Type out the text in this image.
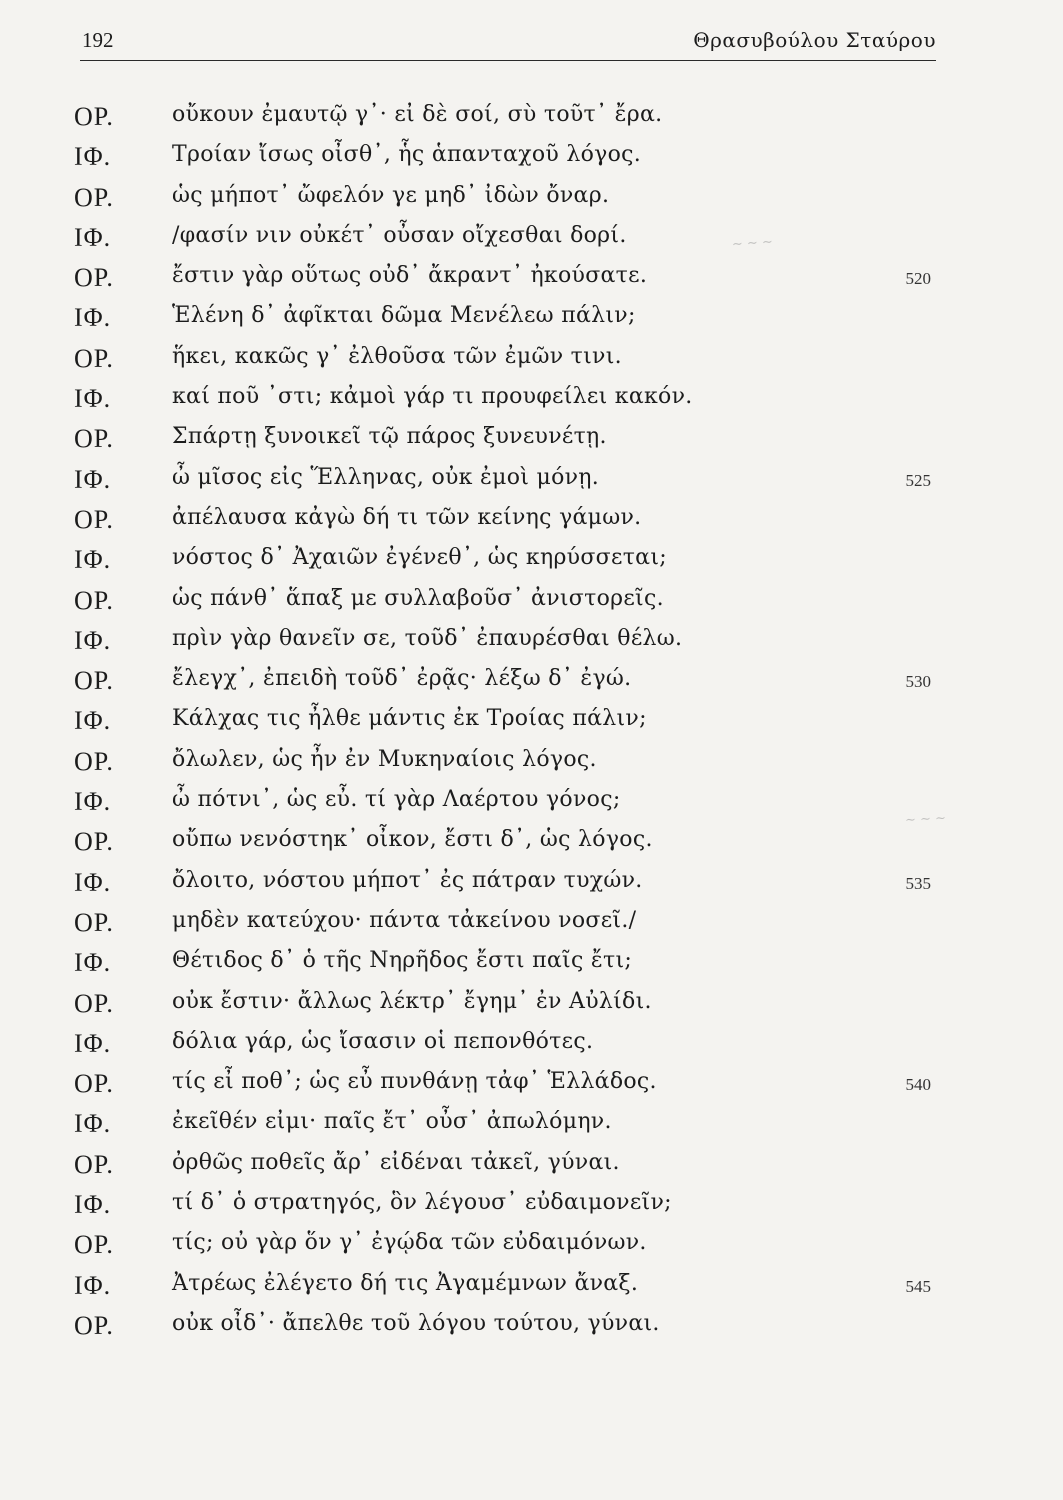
192	Θρασυβούλου Σταύρου
ΟΡ.	οὔκουν ἐμαυτῷ γ᾽· εἰ δὲ σοί, σὺ τοῦτ᾽ ἔρα.
ΙΦ.	Τροίαν ἴσως οἶσθ᾽, ἧς ἁπανταχοῦ λόγος.
ΟΡ.	ὡς μήποτ᾽ ὤφελόν γε μηδ᾽ ἰδὼν ὄναρ.
ΙΦ.	/φασίν νιν οὐκέτ᾽ οὖσαν οἴχεσθαι δορί.
ΟΡ.	ἔστιν γὰρ οὕτως οὐδ᾽ ἄκραντ᾽ ἠκούσατε.	520
ΙΦ.	Ἑλένη δ᾽ ἀφῖκται δῶμα Μενέλεω πάλιν;
ΟΡ.	ἥκει, κακῶς γ᾽ ἐλθοῦσα τῶν ἐμῶν τινι.
ΙΦ.	καί ποῦ ᾽στι; κἀμοὶ γάρ τι προυφείλει κακόν.
ΟΡ.	Σπάρτῃ ξυνοικεῖ τῷ πάρος ξυνευνέτῃ.
ΙΦ.	ὦ μῖσος εἰς Ἕλληνας, οὐκ ἐμοὶ μόνῃ.	525
ΟΡ.	ἀπέλαυσα κἀγὼ δή τι τῶν κείνης γάμων.
ΙΦ.	νόστος δ᾽ Ἀχαιῶν ἐγένεθ᾽, ὡς κηρύσσεται;
ΟΡ.	ὡς πάνθ᾽ ἅπαξ με συλλαβοῦσ᾽ ἀνιστορεῖς.
ΙΦ.	πρὶν γὰρ θανεῖν σε, τοῦδ᾽ ἐπαυρέσθαι θέλω.
ΟΡ.	ἔλεγχ᾽, ἐπειδὴ τοῦδ᾽ ἐρᾷς· λέξω δ᾽ ἐγώ.	530
ΙΦ.	Κάλχας τις ἦλθε μάντις ἐκ Τροίας πάλιν;
ΟΡ.	ὄλωλεν, ὡς ἦν ἐν Μυκηναίοις λόγος.
ΙΦ.	ὦ πότνι᾽, ὡς εὖ. τί γὰρ Λαέρτου γόνος;
ΟΡ.	οὔπω νενόστηκ᾽ οἶκον, ἔστι δ᾽, ὡς λόγος.
ΙΦ.	ὄλοιτο, νόστου μήποτ᾽ ἐς πάτραν τυχών.	535
ΟΡ.	μηδὲν κατεύχου· πάντα τἀκείνου νοσεῖ./
ΙΦ.	Θέτιδος δ᾽ ὁ τῆς Νηρῆδος ἔστι παῖς ἔτι;
ΟΡ.	οὐκ ἔστιν· ἄλλως λέκτρ᾽ ἔγημ᾽ ἐν Αὐλίδι.
ΙΦ.	δόλια γάρ, ὡς ἴσασιν οἱ πεπονθότες.
ΟΡ.	τίς εἶ ποθ᾽; ὡς εὖ πυνθάνῃ τἀφ᾽ Ἑλλάδος.	540
ΙΦ.	ἐκεῖθέν εἰμι· παῖς ἔτ᾽ οὖσ᾽ ἀπωλόμην.
ΟΡ.	ὀρθῶς ποθεῖς ἄρ᾽ εἰδέναι τἀκεῖ, γύναι.
ΙΦ.	τί δ᾽ ὁ στρατηγός, ὃν λέγουσ᾽ εὐδαιμονεῖν;
ΟΡ.	τίς; οὐ γὰρ ὅν γ᾽ ἐγῴδα τῶν εὐδαιμόνων.
ΙΦ.	Ἀτρέως ἐλέγετο δή τις Ἀγαμέμνων ἄναξ.	545
ΟΡ.	οὐκ οἶδ᾽· ἄπελθε τοῦ λόγου τούτου, γύναι.
~ ~ ~
~ ~ ~
